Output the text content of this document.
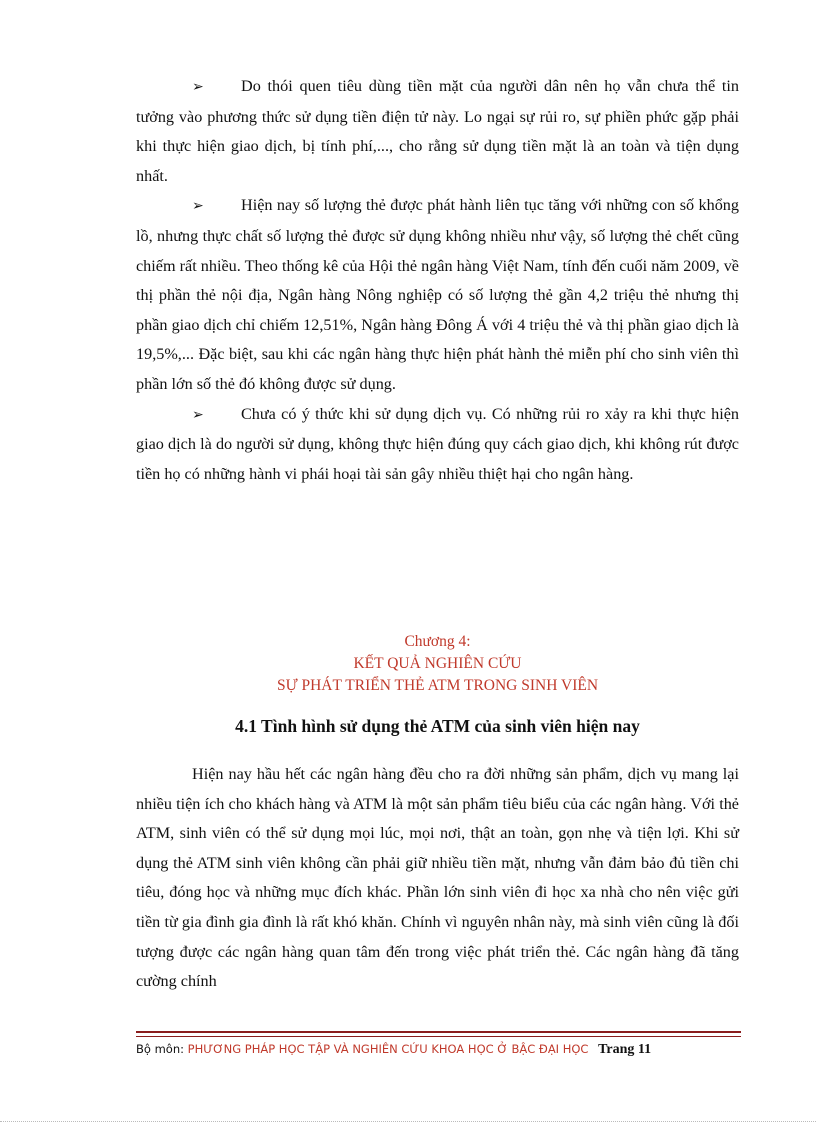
➢ Do thói quen tiêu dùng tiền mặt của người dân nên họ vẫn chưa thể tin tưởng vào phương thức sử dụng tiền điện tử này. Lo ngại sự rủi ro, sự phiền phức gặp phải khi thực hiện giao dịch, bị tính phí,..., cho rằng sử dụng tiền mặt là an toàn và tiện dụng nhất.

➢ Hiện nay số lượng thẻ được phát hành liên tục tăng với những con số khổng lồ, nhưng thực chất số lượng thẻ được sử dụng không nhiều như vậy, số lượng thẻ chết cũng chiếm rất nhiều. Theo thống kê của Hội thẻ ngân hàng Việt Nam, tính đến cuối năm 2009, về thị phần thẻ nội địa, Ngân hàng Nông nghiệp có số lượng thẻ gần 4,2 triệu thẻ nhưng thị phần giao dịch chỉ chiếm 12,51%, Ngân hàng Đông Á với 4 triệu thẻ và thị phần giao dịch là 19,5%,... Đặc biệt, sau khi các ngân hàng thực hiện phát hành thẻ miễn phí cho sinh viên thì phần lớn số thẻ đó không được sử dụng.

➢ Chưa có ý thức khi sử dụng dịch vụ. Có những rủi ro xảy ra khi thực hiện giao dịch là do người sử dụng, không thực hiện đúng quy cách giao dịch, khi không rút được tiền họ có những hành vi phái hoại tài sản gây nhiều thiệt hại cho ngân hàng.

Chương 4:
KẾT QUẢ NGHIÊN CỨU
SỰ PHÁT TRIỂN THẺ ATM TRONG SINH VIÊN
4.1 Tình hình sử dụng thẻ ATM của sinh viên hiện nay

Hiện nay hầu hết các ngân hàng đều cho ra đời những sản phẩm, dịch vụ mang lại nhiều tiện ích cho khách hàng và ATM là một sản phẩm tiêu biểu của các ngân hàng. Với thẻ ATM, sinh viên có thể sử dụng mọi lúc, mọi nơi, thật an toàn, gọn nhẹ và tiện lợi. Khi sử dụng thẻ ATM sinh viên không cần phải giữ nhiều tiền mặt, nhưng vẫn đảm bảo đủ tiền chi tiêu, đóng học và những mục đích khác. Phần lớn sinh viên đi học xa nhà cho nên việc gửi tiền từ gia đình gia đình là rất khó khăn. Chính vì nguyên nhân này, mà sinh viên cũng là đối tượng được các ngân hàng quan tâm đến trong việc phát triển thẻ. Các ngân hàng đã tăng cường chính

Bộ môn: PHƯƠNG PHÁP HỌC TẬP VÀ NGHIÊN CỨU KHOA HỌC Ở BẬC ĐẠI HỌC Trang 11
